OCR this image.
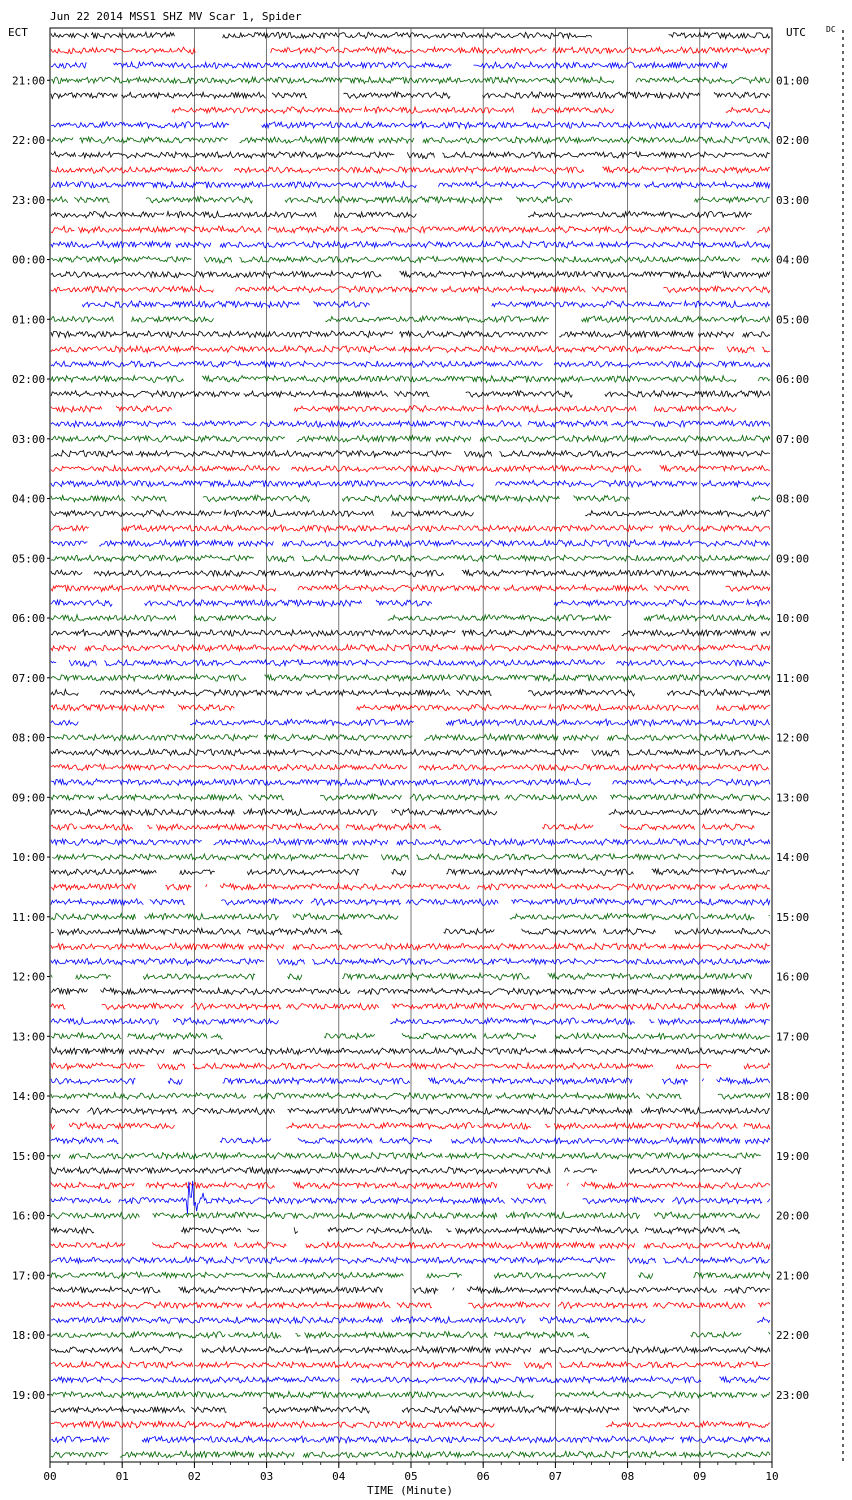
Jun 22 2014 MSS1 SHZ MV Scar 1, Spider
ECT	UTC	DC
00	01	02	03	04	05	06	07	08	09	10
21:00
22:00
23:00
00:00
01:00
02:00
03:00
04:00
05:00
06:00
07:00
08:00
09:00
10:00
11:00
12:00
13:00
14:00
15:00
16:00
17:00
18:00
19:00
01:00
02:00
03:00
04:00
05:00
06:00
07:00
08:00
09:00
10:00
11:00
12:00
13:00
14:00
15:00
16:00
17:00
18:00
19:00
20:00
21:00
22:00
23:00
TIME (Minute)
